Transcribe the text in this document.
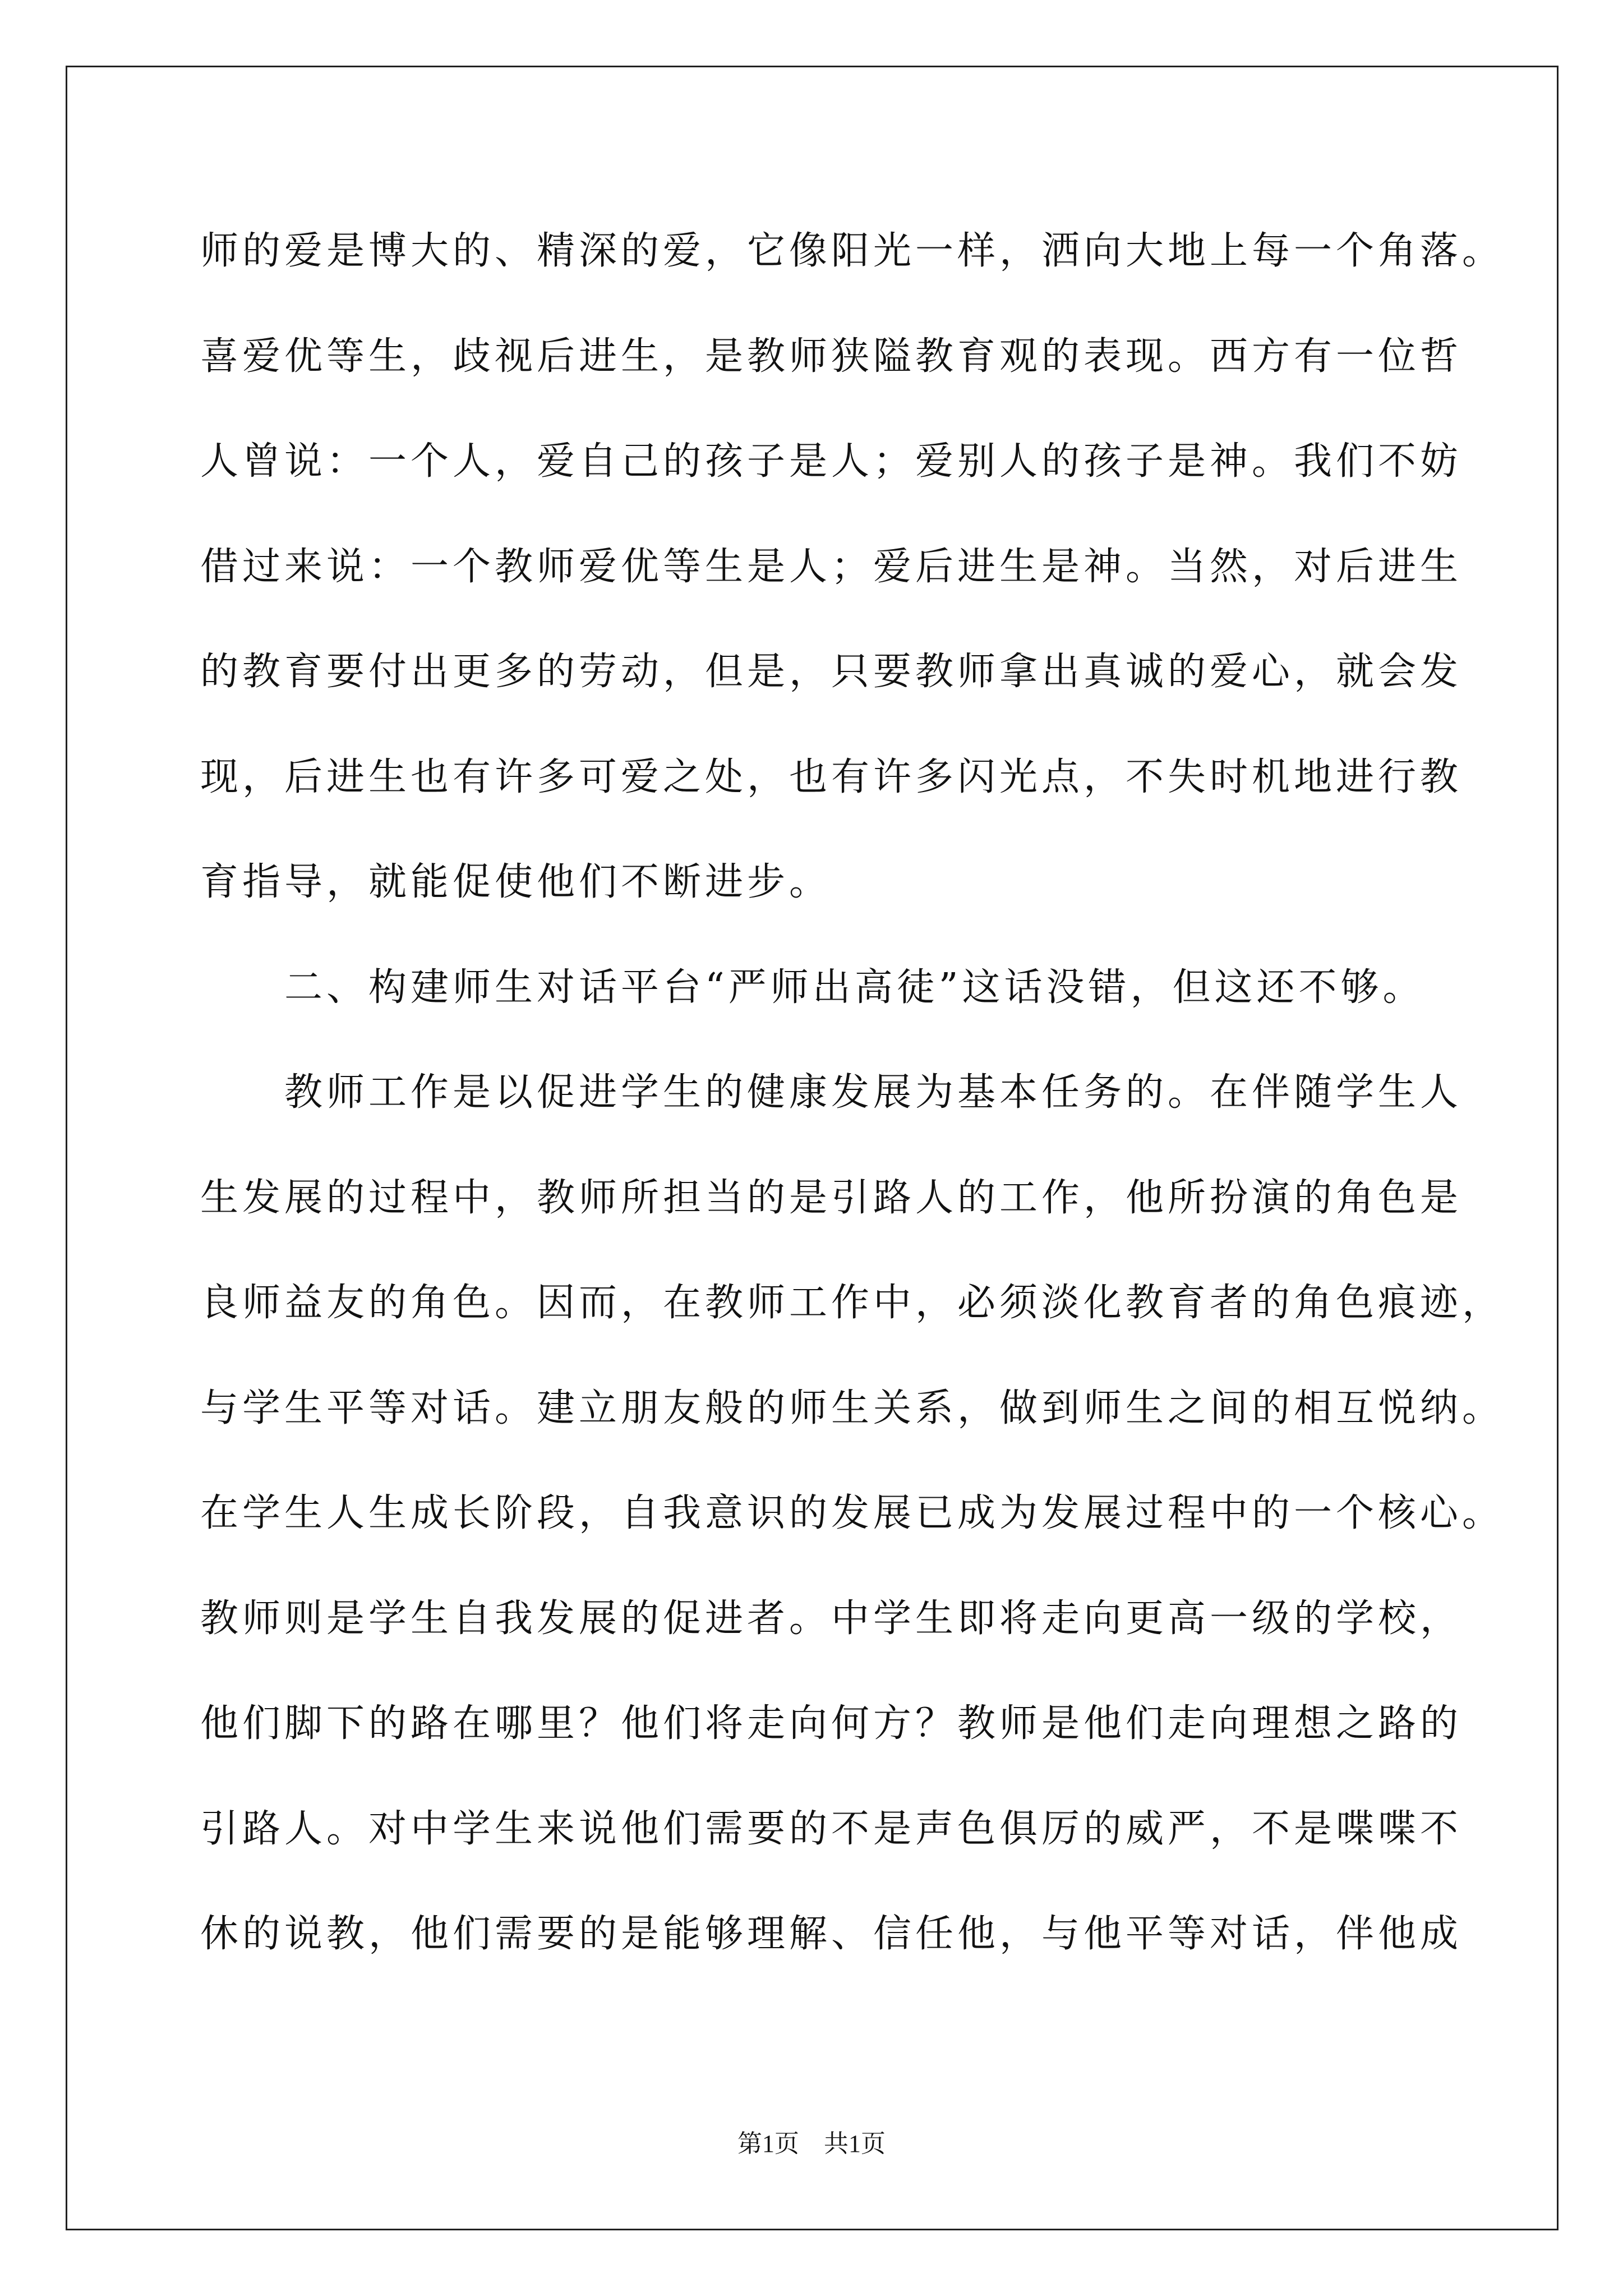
师的爱是博大的、精深的爱，它像阳光一样，洒向大地上每一个角落。
喜爱优等生，歧视后进生，是教师狭隘教育观的表现。西方有一位哲
人曾说：一个人，爱自己的孩子是人；爱别人的孩子是神。我们不妨
借过来说：一个教师爱优等生是人；爱后进生是神。当然，对后进生
的教育要付出更多的劳动，但是，只要教师拿出真诚的爱心，就会发
现，后进生也有许多可爱之处，也有许多闪光点，不失时机地进行教
育指导，就能促使他们不断进步。
　　二、构建师生对话平台“严师出高徒”这话没错，但这还不够。
　　教师工作是以促进学生的健康发展为基本任务的。在伴随学生人
生发展的过程中，教师所担当的是引路人的工作，他所扮演的角色是
良师益友的角色。因而，在教师工作中，必须淡化教育者的角色痕迹，
与学生平等对话。建立朋友般的师生关系，做到师生之间的相互悦纳。
在学生人生成长阶段，自我意识的发展已成为发展过程中的一个核心。
教师则是学生自我发展的促进者。中学生即将走向更高一级的学校，
他们脚下的路在哪里？他们将走向何方？教师是他们走向理想之路的
引路人。对中学生来说他们需要的不是声色俱厉的威严，不是喋喋不
休的说教，他们需要的是能够理解、信任他，与他平等对话，伴他成
第1页　共1页
